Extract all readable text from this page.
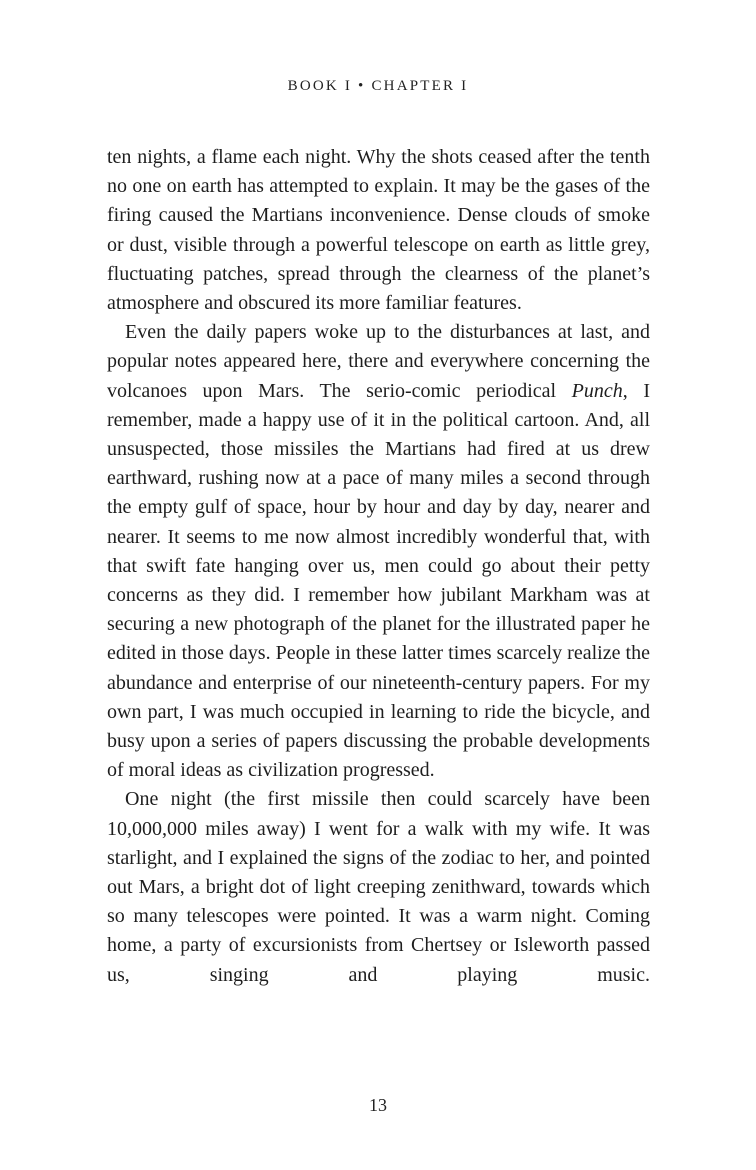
BOOK I • CHAPTER I

ten nights, a flame each night. Why the shots ceased after the tenth no one on earth has attempted to explain. It may be the gases of the firing caused the Martians inconvenience. Dense clouds of smoke or dust, visible through a powerful telescope on earth as little grey, fluctuating patches, spread through the clearness of the planet’s atmosphere and obscured its more familiar features.

Even the daily papers woke up to the disturbances at last, and popular notes appeared here, there and everywhere concerning the volcanoes upon Mars. The serio-comic periodical Punch, I remember, made a happy use of it in the political cartoon. And, all unsuspected, those missiles the Martians had fired at us drew earthward, rushing now at a pace of many miles a second through the empty gulf of space, hour by hour and day by day, nearer and nearer. It seems to me now almost incredibly wonderful that, with that swift fate hanging over us, men could go about their petty concerns as they did. I remember how jubilant Markham was at securing a new photograph of the planet for the illustrated paper he edited in those days. People in these latter times scarcely realize the abundance and enterprise of our nineteenth-century papers. For my own part, I was much occupied in learning to ride the bicycle, and busy upon a series of papers discussing the probable developments of moral ideas as civilization progressed.

One night (the first missile then could scarcely have been 10,000,000 miles away) I went for a walk with my wife. It was starlight, and I explained the signs of the zodiac to her, and pointed out Mars, a bright dot of light creeping zenithward, towards which so many telescopes were pointed. It was a warm night. Coming home, a party of excursionists from Chertsey or Isleworth passed us, singing and playing music.

13
